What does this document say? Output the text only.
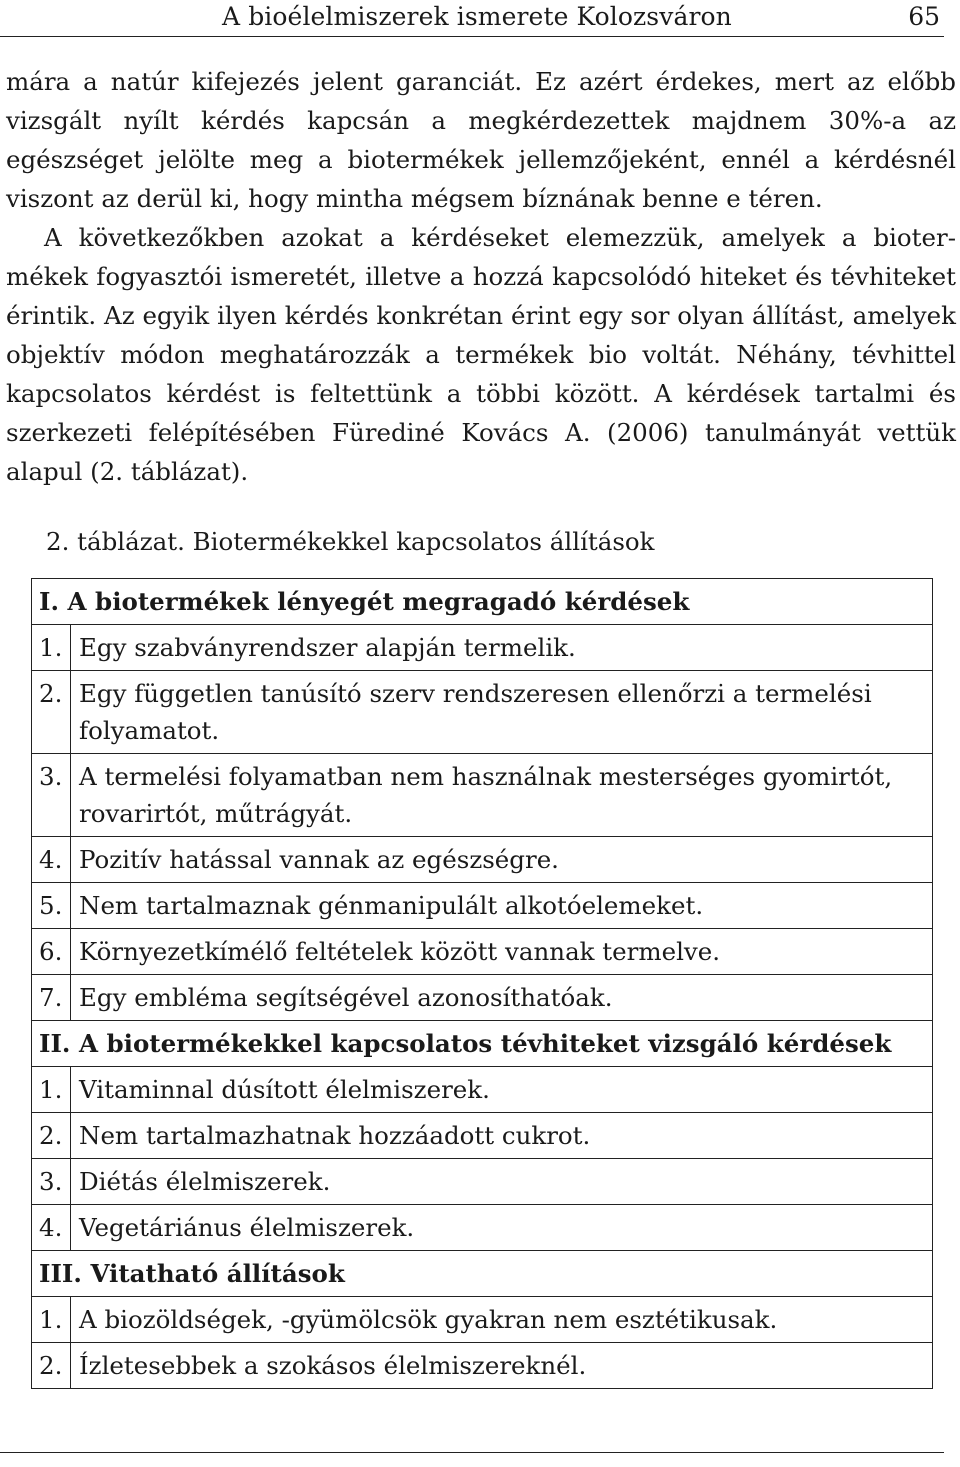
A bioélelmiszerek ismerete Kolozsváron	65

mára a natúr kifejezés jelent garanciát. Ez azért érdekes, mert az előbb vizsgált nyílt kérdés kapcsán a megkérdezettek majdnem 30%-a az egészséget jelölte meg a biotermékek jellemzőjeként, ennél a kérdésnél viszont az derül ki, hogy mintha mégsem bíznának benne e téren.

A következőkben azokat a kérdéseket elemezzük, amelyek a biotermékek fogyasztói ismeretét, illetve a hozzá kapcsolódó hiteket és tévhiteket érintik. Az egyik ilyen kérdés konkrétan érint egy sor olyan állítást, amelyek objektív módon meghatározzák a termékek bio voltát. Néhány, tévhittel kapcsolatos kérdést is feltettünk a többi között. A kérdések tartalmi és szerkezeti felépítésében Fürediné Kovács A. (2006) tanulmányát vettük alapul (2. táblázat).

2. táblázat. Biotermékekkel kapcsolatos állítások
I. A biotermékek lényegét megragadó kérdések	
1.	Egy szabványrendszer alapján termelik.
2.	Egy független tanúsító szerv rendszeresen ellenőrzi a termelési folyamatot.
3.	A termelési folyamatban nem használnak mesterséges gyomirtót, rovarirtót, műtrágyát.
4.	Pozitív hatással vannak az egészségre.
5.	Nem tartalmaznak génmanipulált alkotóelemeket.
6.	Környezetkímélő feltételek között vannak termelve.
7.	Egy embléma segítségével azonosíthatóak.
II. A biotermékekkel kapcsolatos tévhiteket vizsgáló kérdések	
1.	Vitaminnal dúsított élelmiszerek.
2.	Nem tartalmazhatnak hozzáadott cukrot.
3.	Diétás élelmiszerek.
4.	Vegetáriánus élelmiszerek.
III. Vitatható állítások	
1.	A biozöldségek, -gyümölcsök gyakran nem esztétikusak.
2.	Ízletesebbek a szokásos élelmiszereknél.
